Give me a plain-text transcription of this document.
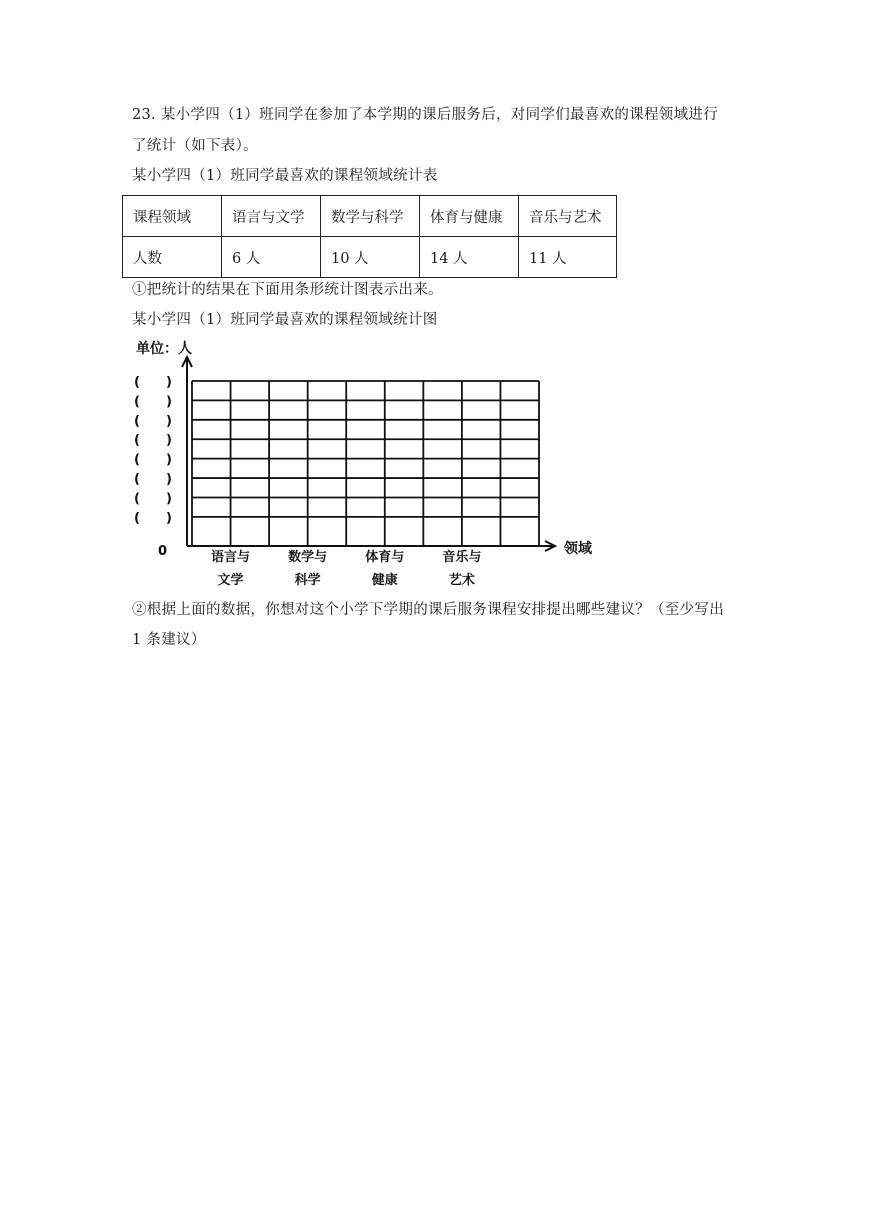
23. 某小学四（1）班同学在参加了本学期的课后服务后，对同学们最喜欢的课程领域进行
了统计（如下表）。
某小学四（1）班同学最喜欢的课程领域统计表
课程领域	语言与文学	数学与科学	体育与健康	音乐与艺术
人数	6 人	10 人	14 人	11 人
①把统计的结果在下面用条形统计图表示出来。
某小学四（1）班同学最喜欢的课程领域统计图
单位：人
0	领域
(　　)
(　　)
(　　)
(　　)
(　　)
(　　)
(　　)
(　　)
语言与
文学
数学与
科学
体育与
健康
音乐与
艺术
②根据上面的数据，你想对这个小学下学期的课后服务课程安排提出哪些建议？（至少写出
1 条建议）
